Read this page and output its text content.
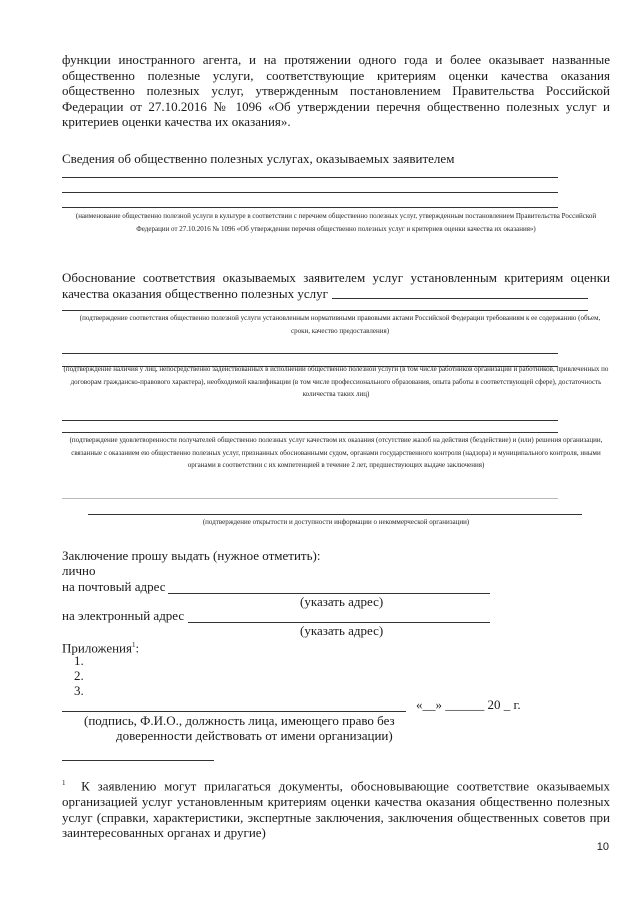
функции иностранного агента, и на протяжении одного года и более оказывает названные общественно полезные услуги, соответствующие критериям оценки качества оказания общественно полезных услуг, утвержденным постановлением Правительства Российской Федерации от 27.10.2016 № 1096 «Об утверждении перечня общественно полезных услуг и критериев оценки качества их оказания».
Сведения об общественно полезных услугах, оказываемых заявителем
(наименование общественно полезной услуги в культуре в соответствии с перечнем общественно полезных услуг, утвержденным постановлением Правительства Российской Федерации от 27.10.2016 № 1096 «Об утверждении перечня общественно полезных услуг и критериев оценки качества их оказания»)
Обоснование соответствия оказываемых заявителем услуг установленным критериям оценки качества оказания общественно полезных услуг
(подтверждение соответствия общественно полезной услуги установленным нормативными правовыми актами Российской Федерации требованиям к ее содержанию (объем, сроки, качество предоставления)
(подтверждение наличия у лиц, непосредственно задействованных в исполнении общественно полезной услуги (в том числе работников организации и работников, привлеченных по договорам гражданско-правового характера), необходимой квалификации (в том числе профессионального образования, опыта работы в соответствующей сфере), достаточность количества таких лиц)
(подтверждение удовлетворенности получателей общественно полезных услуг качеством их оказания (отсутствие жалоб на действия (бездействие) и (или) решения организации, связанные с оказанием ею общественно полезных услуг, признанных обоснованными судом, органами государственного контроля (надзора) и муниципального контроля, иными органами в соответствии с их компетенцией в течение 2 лет, предшествующих выдаче заключения)
(подтверждение открытости и доступности информации о некоммерческой организации)
Заключение прошу выдать (нужное отметить):
лично
на почтовый адрес
(указать адрес)
на электронный адрес
(указать адрес)
Приложения$^1$:
1.
2.
3.
«__» ______ 20 _ г.
(подпись, Ф.И.О., должность лица, имеющего право без
доверенности действовать от имени организации)
$^1$ К заявлению могут прилагаться документы, обосновывающие соответствие оказываемых организацией услуг установленным критериям оценки качества оказания общественно полезных услуг (справки, характеристики, экспертные заключения, заключения общественных советов при заинтересованных органах и другие)
10
